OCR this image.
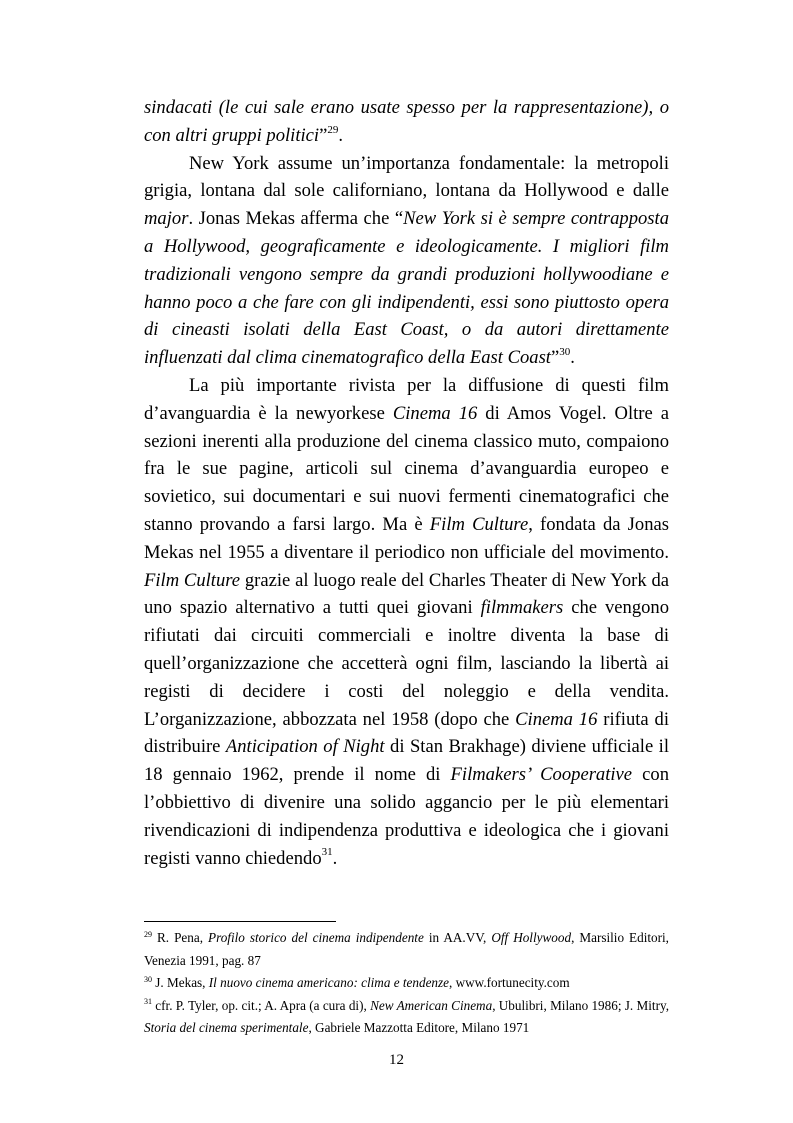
sindacati (le cui sale erano usate spesso per la rappresentazione), o con altri gruppi politici”$^{29}$.

New York assume un’importanza fondamentale: la metropoli grigia, lontana dal sole californiano, lontana da Hollywood e dalle major. Jonas Mekas afferma che “New York si è sempre contrapposta a Hollywood, geograficamente e ideologicamente. I migliori film tradizionali vengono sempre da grandi produzioni hollywoodiane e hanno poco a che fare con gli indipendenti, essi sono piuttosto opera di cineasti isolati della East Coast, o da autori direttamente influenzati dal clima cinematografico della East Coast”$^{30}$.

La più importante rivista per la diffusione di questi film d’avanguardia è la newyorkese Cinema 16 di Amos Vogel. Oltre a sezioni inerenti alla produzione del cinema classico muto, compaiono fra le sue pagine, articoli sul cinema d’avanguardia europeo e sovietico, sui documentari e sui nuovi fermenti cinematografici che stanno provando a farsi largo. Ma è Film Culture, fondata da Jonas Mekas nel 1955 a diventare il periodico non ufficiale del movimento. Film Culture grazie al luogo reale del Charles Theater di New York da uno spazio alternativo a tutti quei giovani filmmakers che vengono rifiutati dai circuiti commerciali e inoltre diventa la base di quell’organizzazione che accetterà ogni film, lasciando la libertà ai registi di decidere i costi del noleggio e della vendita. L’organizzazione, abbozzata nel 1958 (dopo che Cinema 16 rifiuta di distribuire Anticipation of Night di Stan Brakhage) diviene ufficiale il 18 gennaio 1962, prende il nome di Filmakers’ Cooperative con l’obbiettivo di divenire una solido aggancio per le più elementari rivendicazioni di indipendenza produttiva e ideologica che i giovani registi vanno chiedendo$^{31}$.

$^{29}$ R. Pena, Profilo storico del cinema indipendente in AA.VV, Off Hollywood, Marsilio Editori, Venezia 1991, pag. 87

$^{30}$ J. Mekas, Il nuovo cinema americano: clima e tendenze, www.fortunecity.com

$^{31}$ cfr. P. Tyler, op. cit.; A. Apra (a cura di), New American Cinema, Ubulibri, Milano 1986; J. Mitry, Storia del cinema sperimentale, Gabriele Mazzotta Editore, Milano 1971

12
